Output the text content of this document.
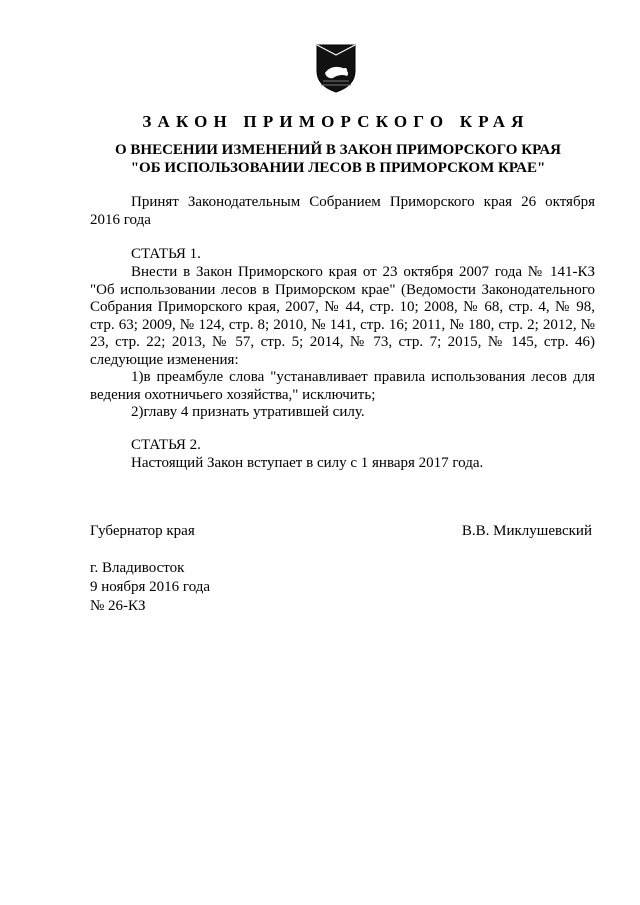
ЗАКОН ПРИМОРСКОГО КРАЯ
О ВНЕСЕНИИ ИЗМЕНЕНИЙ В ЗАКОН ПРИМОРСКОГО КРАЯ
"ОБ ИСПОЛЬЗОВАНИИ ЛЕСОВ В ПРИМОРСКОМ КРАЕ"
Принят Законодательным Собранием Приморского края 26 октября 2016 года
СТАТЬЯ 1.
Внести в Закон Приморского края от 23 октября 2007 года № 141-КЗ "Об использовании лесов в Приморском крае" (Ведомости Законодательного Собрания Приморского края, 2007, № 44, стр. 10; 2008, № 68, стр. 4, № 98, стр. 63; 2009, № 124, стр. 8; 2010, № 141, стр. 16; 2011, № 180, стр. 2; 2012, № 23, стр. 22; 2013, № 57, стр. 5; 2014, № 73, стр. 7; 2015, № 145, стр. 46) следующие изменения:
1)в преамбуле слова "устанавливает правила использования лесов для ведения охотничьего хозяйства," исключить;
2)главу 4 признать утратившей силу.
СТАТЬЯ 2.
Настоящий Закон вступает в силу с 1 января 2017 года.
Губернатор края	В.В. Миклушевский
г. Владивосток
9 ноября 2016 года
№ 26-КЗ
